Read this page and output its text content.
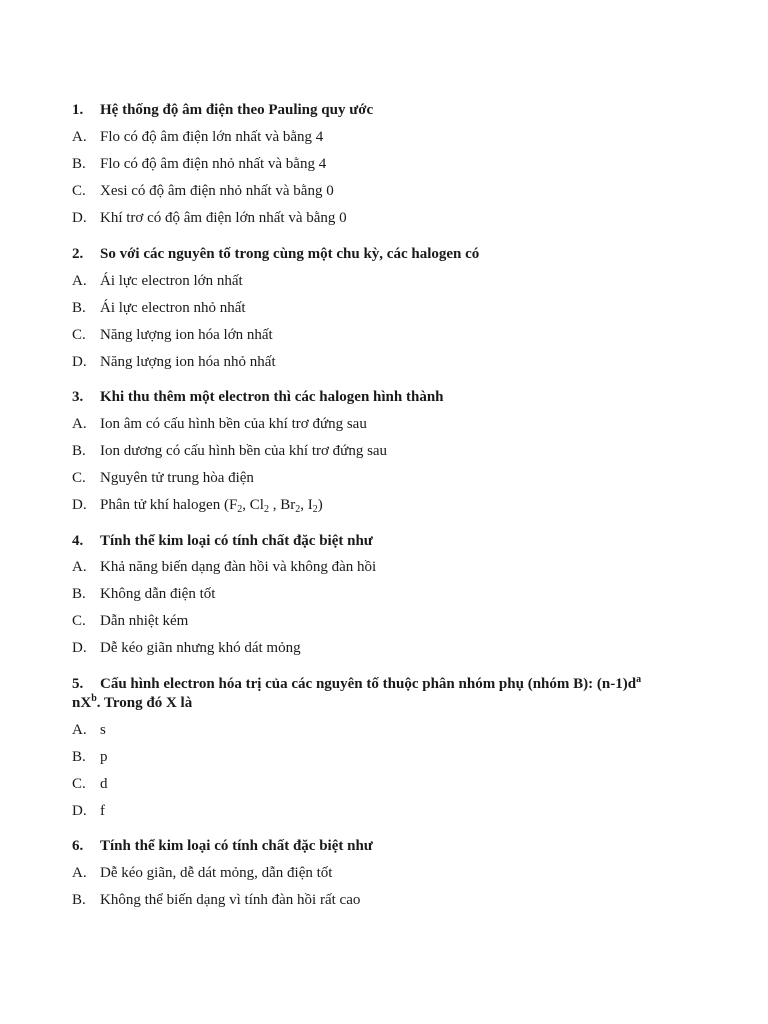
1. Hệ thống độ âm điện theo Pauling quy ước
A. Flo có độ âm điện lớn nhất và bằng 4
B. Flo có độ âm điện nhỏ nhất và bằng 4
C. Xesi có độ âm điện nhỏ nhất và bằng 0
D. Khí trơ có độ âm điện lớn nhất và bằng 0
2. So với các nguyên tố trong cùng một chu kỳ, các halogen có
A. Ái lực electron lớn nhất
B. Ái lực electron nhỏ nhất
C. Năng lượng ion hóa lớn nhất
D. Năng lượng ion hóa nhỏ nhất
3. Khi thu thêm một electron thì các halogen hình thành
A. Ion âm có cấu hình bền của khí trơ đứng sau
B. Ion dương có cấu hình bền của khí trơ đứng sau
C. Nguyên tử trung hòa điện
D. Phân tử khí halogen ($F_2$, $Cl_2$ , $Br_2$, $I_2$)
4. Tính thể kim loại có tính chất đặc biệt như
A. Khả năng biến dạng đàn hồi và không đàn hồi
B. Không dẫn điện tốt
C. Dẫn nhiệt kém
D. Dễ kéo giãn nhưng khó dát mỏng
5. Cấu hình electron hóa trị của các nguyên tố thuộc phân nhóm phụ (nhóm B): $(n-1)d^a$
$nX^b$. Trong đó X là
A. s
B. p
C. d
D. f
6. Tính thể kim loại có tính chất đặc biệt như
A. Dễ kéo giãn, dễ dát mỏng, dẫn điện tốt
B. Không thể biến dạng vì tính đàn hồi rất cao
